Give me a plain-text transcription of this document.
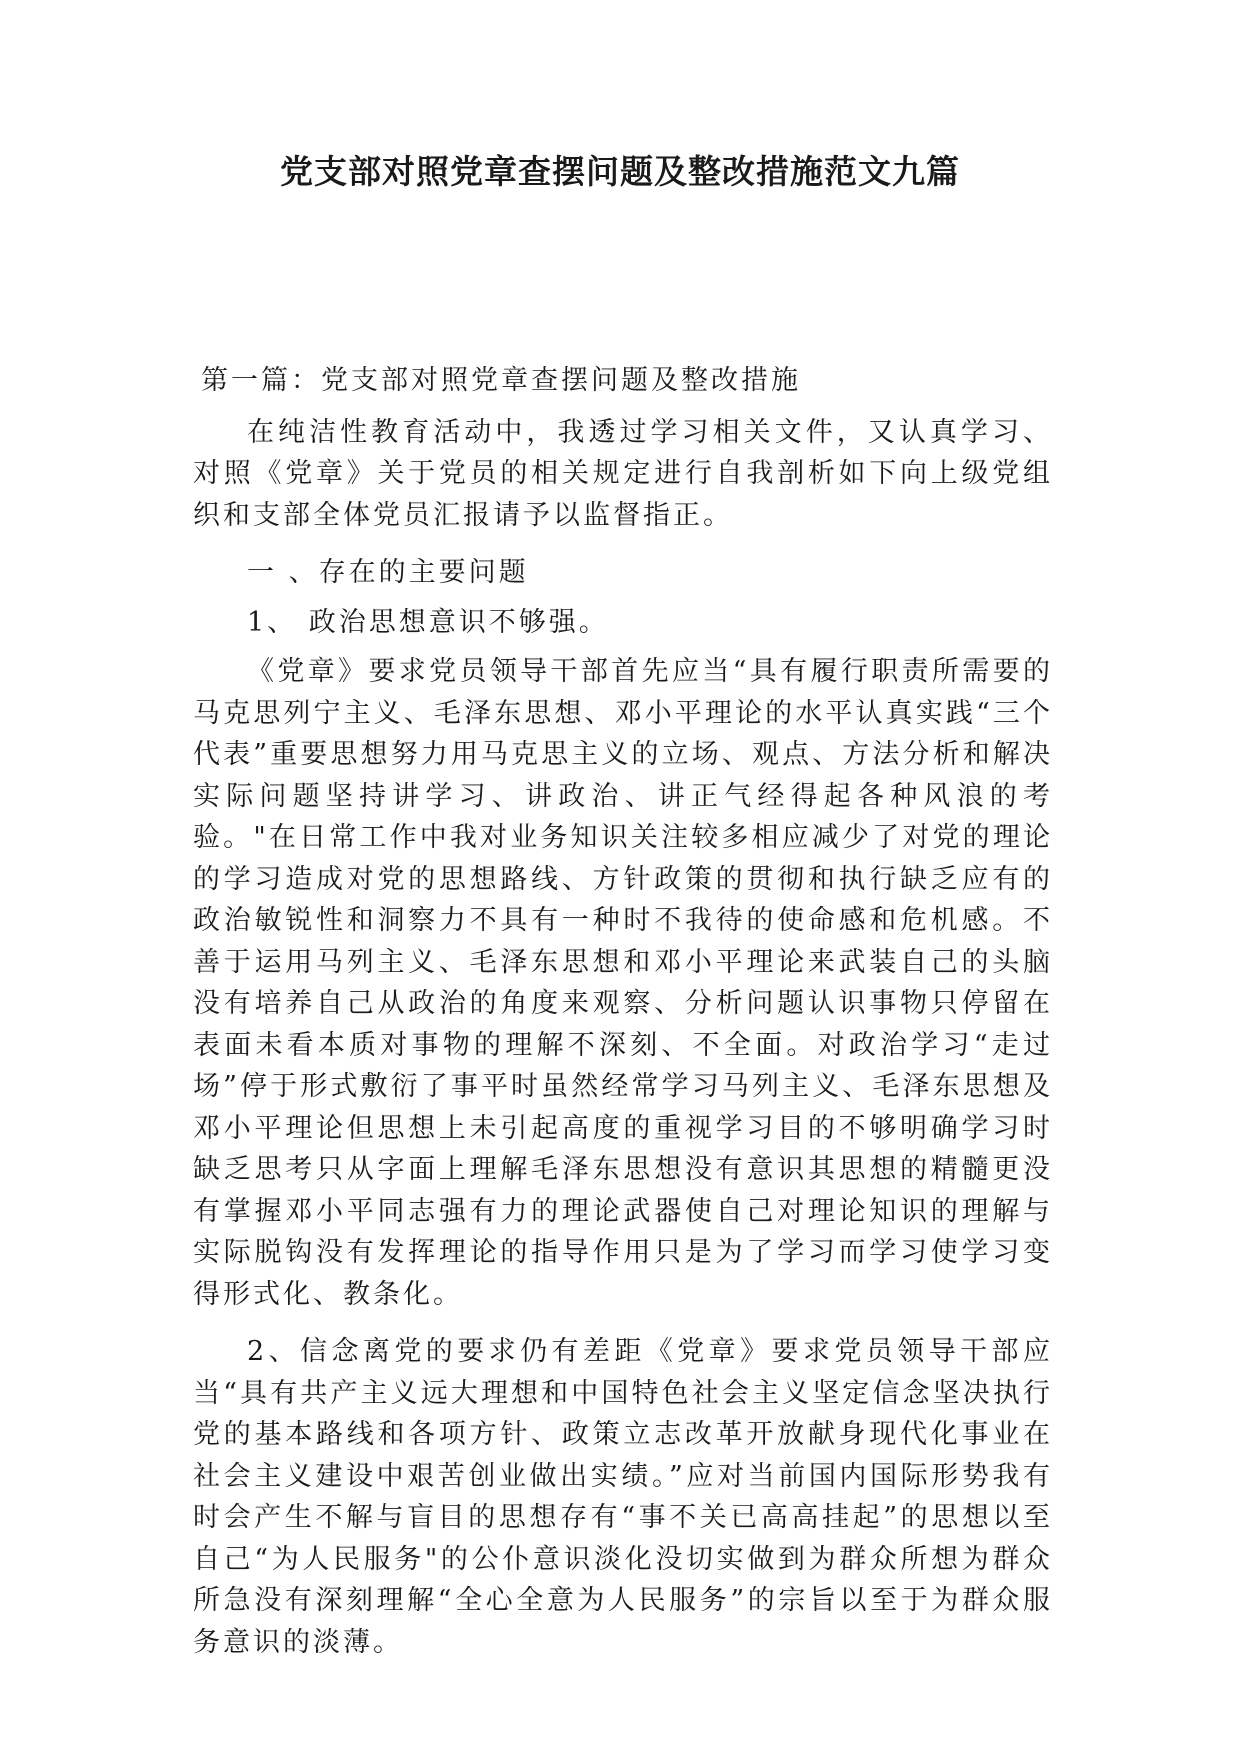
党支部对照党章查摆问题及整改措施范文九篇

第一篇：党支部对照党章查摆问题及整改措施

在纯洁性教育活动中，我透过学习相关文件，又认真学习、对照《党章》关于党员的相关规定进行自我剖析如下向上级党组织和支部全体党员汇报请予以监督指正。

一 、存在的主要问题

1、 政治思想意识不够强。

《党章》要求党员领导干部首先应当“具有履行职责所需要的马克思列宁主义、毛泽东思想、邓小平理论的水平认真实践“三个代表”重要思想努力用马克思主义的立场、观点、方法分析和解决实际问题坚持讲学习、讲政治、讲正气经得起各种风浪的考验。"在日常工作中我对业务知识关注较多相应减少了对党的理论的学习造成对党的思想路线、方针政策的贯彻和执行缺乏应有的政治敏锐性和洞察力不具有一种时不我待的使命感和危机感。不善于运用马列主义、毛泽东思想和邓小平理论来武装自己的头脑没有培养自己从政治的角度来观察、分析问题认识事物只停留在表面未看本质对事物的理解不深刻、不全面。对政治学习“走过场”停于形式敷衍了事平时虽然经常学习马列主义、毛泽东思想及邓小平理论但思想上未引起高度的重视学习目的不够明确学习时缺乏思考只从字面上理解毛泽东思想没有意识其思想的精髓更没有掌握邓小平同志强有力的理论武器使自己对理论知识的理解与实际脱钩没有发挥理论的指导作用只是为了学习而学习使学习变得形式化、教条化。

2、信念离党的要求仍有差距《党章》要求党员领导干部应当“具有共产主义远大理想和中国特色社会主义坚定信念坚决执行党的基本路线和各项方针、政策立志改革开放献身现代化事业在社会主义建设中艰苦创业做出实绩。”应对当前国内国际形势我有时会产生不解与盲目的思想存有“事不关已高高挂起”的思想以至自己“为人民服务"的公仆意识淡化没切实做到为群众所想为群众所急没有深刻理解“全心全意为人民服务”的宗旨以至于为群众服务意识的淡薄。
